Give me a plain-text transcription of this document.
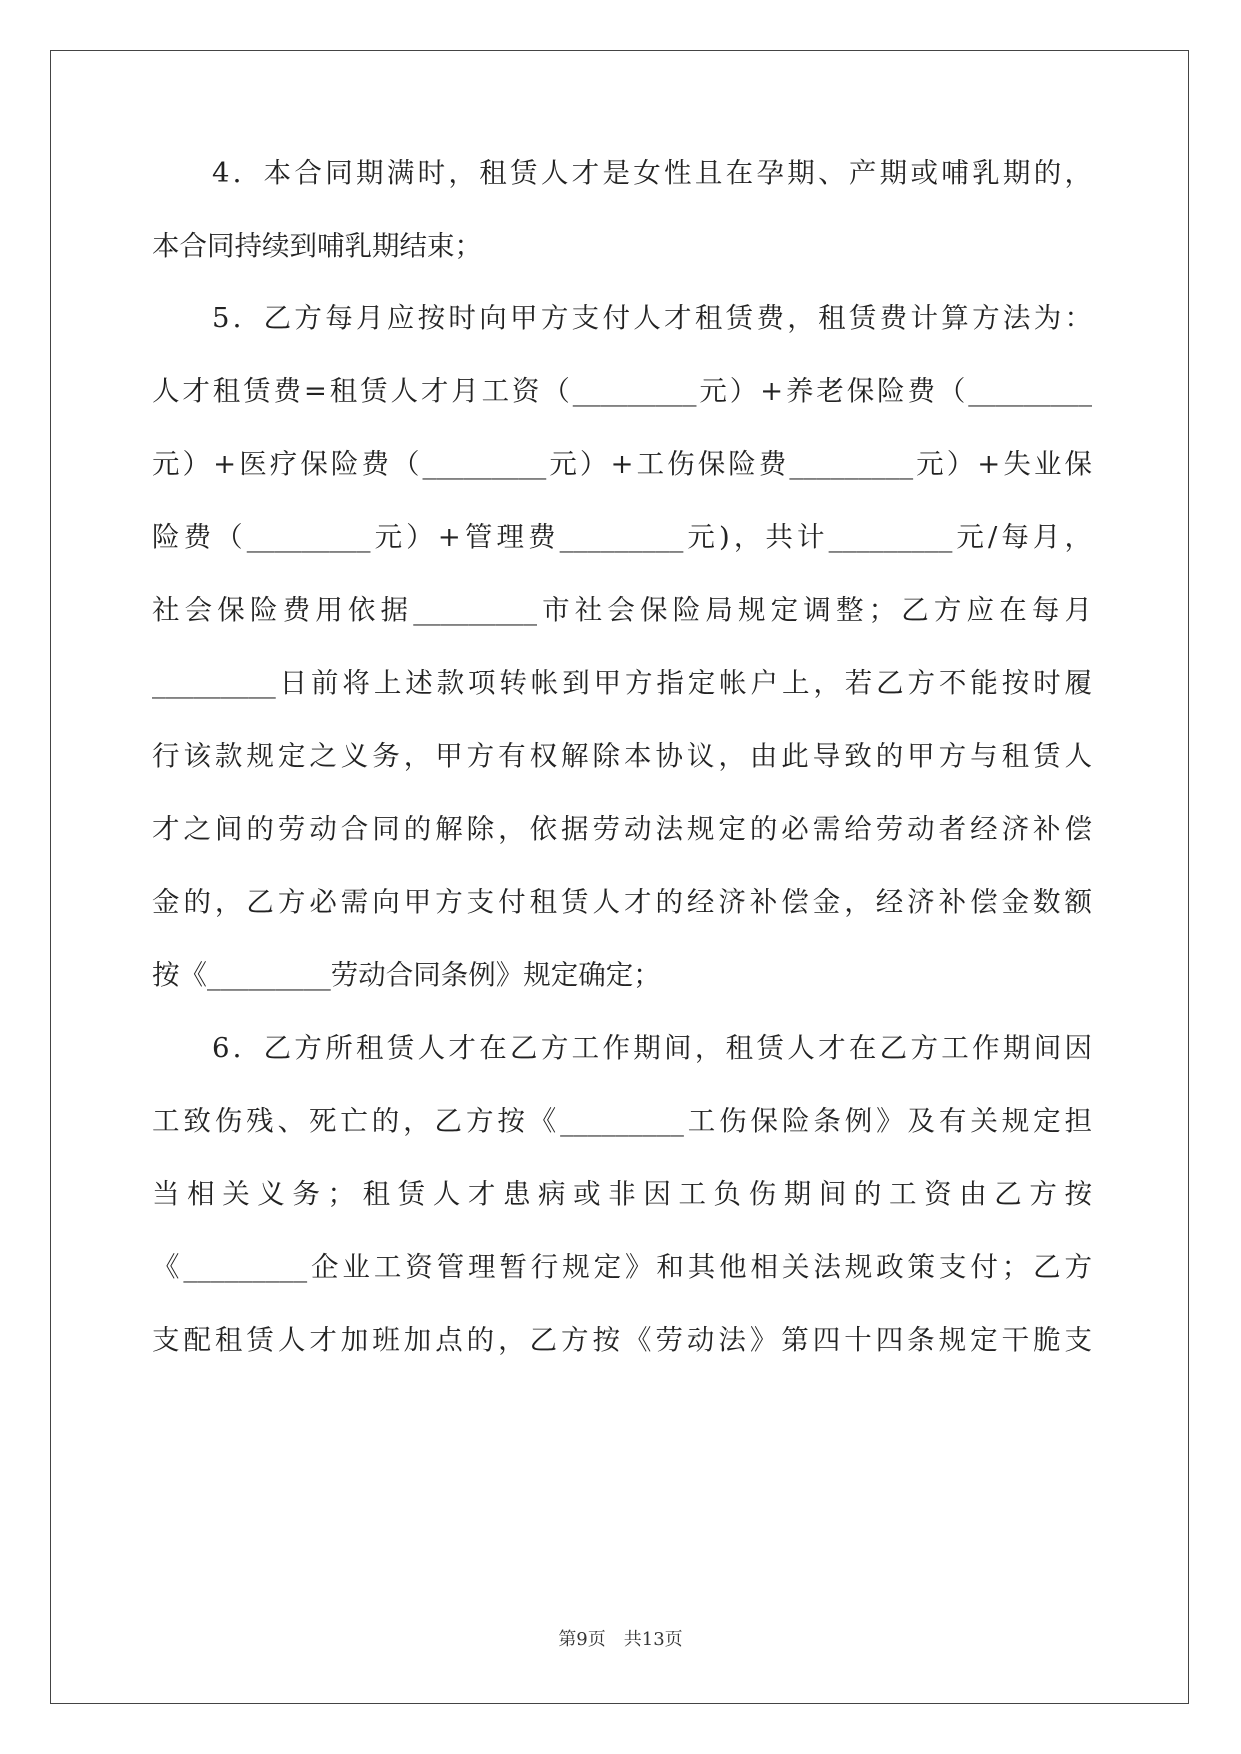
4．本合同期满时，租赁人才是女性且在孕期、产期或哺乳期的，
本合同持续到哺乳期结束；
5．乙方每月应按时向甲方支付人才租赁费，租赁费计算方法为：
人才租赁费=租赁人才月工资（_________元）+养老保险费（_________
元）+医疗保险费（_________元）+工伤保险费_________元）+失业保
险费（_________元）+管理费_________元)，共计_________元/每月，
社会保险费用依据_________市社会保险局规定调整；乙方应在每月
_________日前将上述款项转帐到甲方指定帐户上，若乙方不能按时履
行该款规定之义务，甲方有权解除本协议，由此导致的甲方与租赁人
才之间的劳动合同的解除，依据劳动法规定的必需给劳动者经济补偿
金的，乙方必需向甲方支付租赁人才的经济补偿金，经济补偿金数额
按《_________劳动合同条例》规定确定；
6．乙方所租赁人才在乙方工作期间，租赁人才在乙方工作期间因
工致伤残、死亡的，乙方按《_________工伤保险条例》及有关规定担
当相关义务；租赁人才患病或非因工负伤期间的工资由乙方按
《_________企业工资管理暂行规定》和其他相关法规政策支付；乙方
支配租赁人才加班加点的，乙方按《劳动法》第四十四条规定干脆支
第9页　共13页
